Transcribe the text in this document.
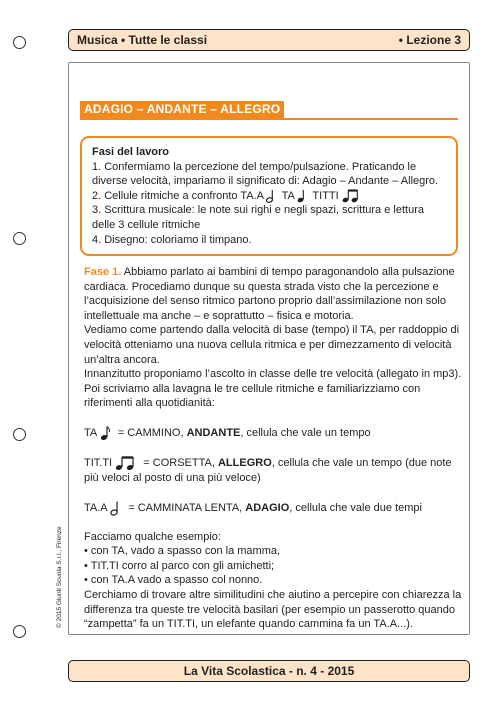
Musica • Tutte le classi	• Lezione 3
ADAGIO – ANDANTE – ALLEGRO
Fasi del lavoro
1. Confermiamo la percezione del tempo/pulsazione. Praticando le diverse velocità, impariamo il significato di: Adagio – Andante – Allegro.
2. Cellule ritmiche a confronto TA.A TA TITTI
3. Scrittura musicale: le note sui righi e negli spazi, scrittura e lettura delle 3 cellule ritmiche
4. Disegno: coloriamo il timpano.

Fase 1. Abbiamo parlato ai bambini di tempo paragonandolo alla pulsazione cardiaca. Procediamo dunque su questa strada visto che la percezione e l’acquisizione del senso ritmico partono proprio dall’assimilazione non solo intellettuale ma anche – e soprattutto – fisica e motoria.

Vediamo come partendo dalla velocità di base (tempo) il TA, per raddoppio di velocità otteniamo una nuova cellula ritmica e per dimezzamento di velocità un’altra ancora.

Innanzitutto proponiamo l’ascolto in classe delle tre velocità (allegato in mp3). Poi scriviamo alla lavagna le tre cellule ritmiche e familiarizziamo con riferimenti alla quotidianità:

TA = CAMMINO, ANDANTE, cellula che vale un tempo

TIT.TI	= CORSETTA, ALLEGRO, cellula che vale un tempo (due note più veloci al posto di una più veloce)

TA.A = CAMMINATA LENTA, ADAGIO, cellula che vale due tempi

Facciamo qualche esempio:

• con TA, vado a spasso con la mamma,
• TIT.TI corro al parco con gli amichetti;
• con TA.A vado a spasso col nonno.

Cerchiamo di trovare altre similitudini che aiutino a percepire con chiarezza la differenza tra queste tre velocità basilari (per esempio un passerotto quando “zampetta” fa un TIT.TI, un elefante quando cammina fa un TA.A...).

© 2015 Giunti Scuola S.r.l., Firenze
La Vita Scolastica - n. 4 - 2015
